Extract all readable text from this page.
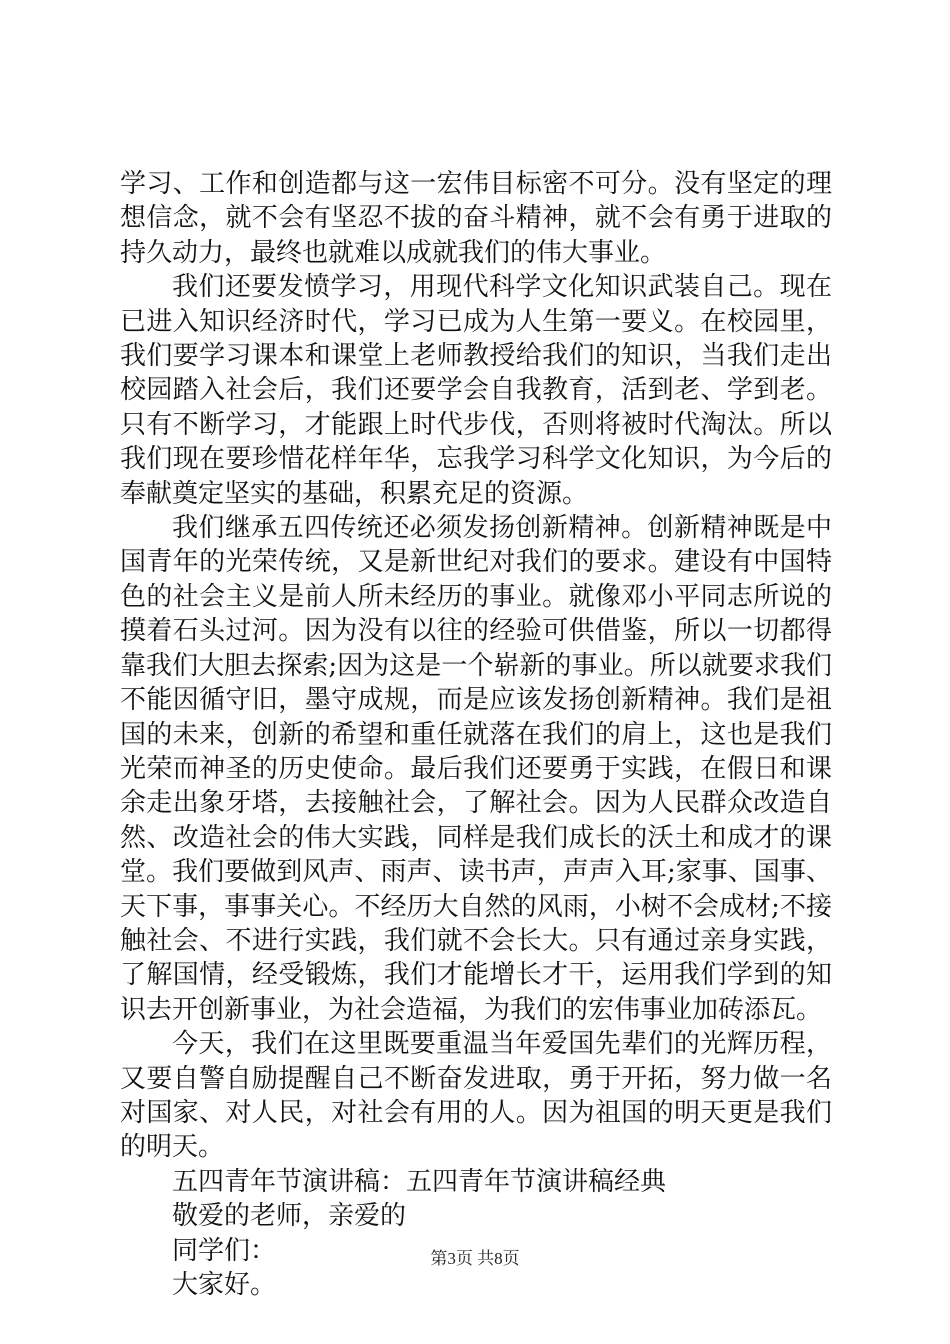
学习、工作和创造都与这一宏伟目标密不可分。没有坚定的理想信念，就不会有坚忍不拔的奋斗精神，就不会有勇于进取的持久动力，最终也就难以成就我们的伟大事业。

我们还要发愤学习，用现代科学文化知识武装自己。现在已进入知识经济时代，学习已成为人生第一要义。在校园里，我们要学习课本和课堂上老师教授给我们的知识，当我们走出校园踏入社会后，我们还要学会自我教育，活到老、学到老。只有不断学习，才能跟上时代步伐，否则将被时代淘汰。所以我们现在要珍惜花样年华，忘我学习科学文化知识，为今后的奉献奠定坚实的基础，积累充足的资源。

我们继承五四传统还必须发扬创新精神。创新精神既是中国青年的光荣传统，又是新世纪对我们的要求。建设有中国特色的社会主义是前人所未经历的事业。就像邓小平同志所说的摸着石头过河。因为没有以往的经验可供借鉴，所以一切都得靠我们大胆去探索;因为这是一个崭新的事业。所以就要求我们不能因循守旧，墨守成规，而是应该发扬创新精神。我们是祖国的未来，创新的希望和重任就落在我们的肩上，这也是我们光荣而神圣的历史使命。最后我们还要勇于实践，在假日和课余走出象牙塔，去接触社会，了解社会。因为人民群众改造自然、改造社会的伟大实践，同样是我们成长的沃土和成才的课堂。我们要做到风声、雨声、读书声，声声入耳;家事、国事、天下事，事事关心。不经历大自然的风雨，小树不会成材;不接触社会、不进行实践，我们就不会长大。只有通过亲身实践，了解国情，经受锻炼，我们才能增长才干，运用我们学到的知识去开创新事业，为社会造福，为我们的宏伟事业加砖添瓦。

今天，我们在这里既要重温当年爱国先辈们的光辉历程，又要自警自励提醒自己不断奋发进取，勇于开拓，努力做一名对国家、对人民，对社会有用的人。因为祖国的明天更是我们的明天。

五四青年节演讲稿：五四青年节演讲稿经典

敬爱的老师，亲爱的

同学们：

大家好。

第3页 共8页
